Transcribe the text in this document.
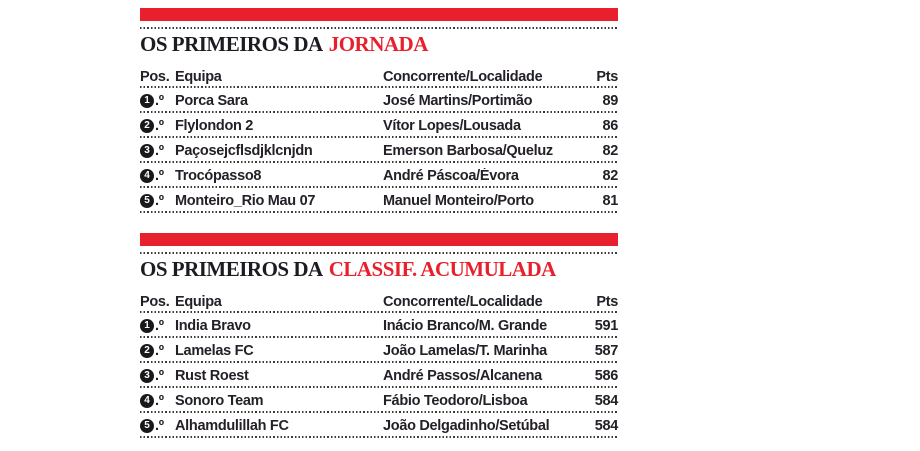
OS PRIMEIROS DA JORNADA
Pos. Equipa	Concorrente/Localidade	Pts
1 .º Porca Sara	José Martins/Portimão	89
2 .º Flylondon 2	Vítor Lopes/Lousada	86
3 .º Paçosejcflsdjklcnjdn	Emerson Barbosa/Queluz	82
4 .º Trocópasso8	André Páscoa/Évora	82
5 .º Monteiro_Rio Mau 07	Manuel Monteiro/Porto	81
OS PRIMEIROS DA CLASSIF. ACUMULADA
Pos. Equipa	Concorrente/Localidade	Pts
1 .º India Bravo	Inácio Branco/M. Grande	591
2 .º Lamelas FC	João Lamelas/T. Marinha	587
3 .º Rust Roest	André Passos/Alcanena	586
4 .º Sonoro Team	Fábio Teodoro/Lisboa	584
5 .º Alhamdulillah FC	João Delgadinho/Setúbal	584
